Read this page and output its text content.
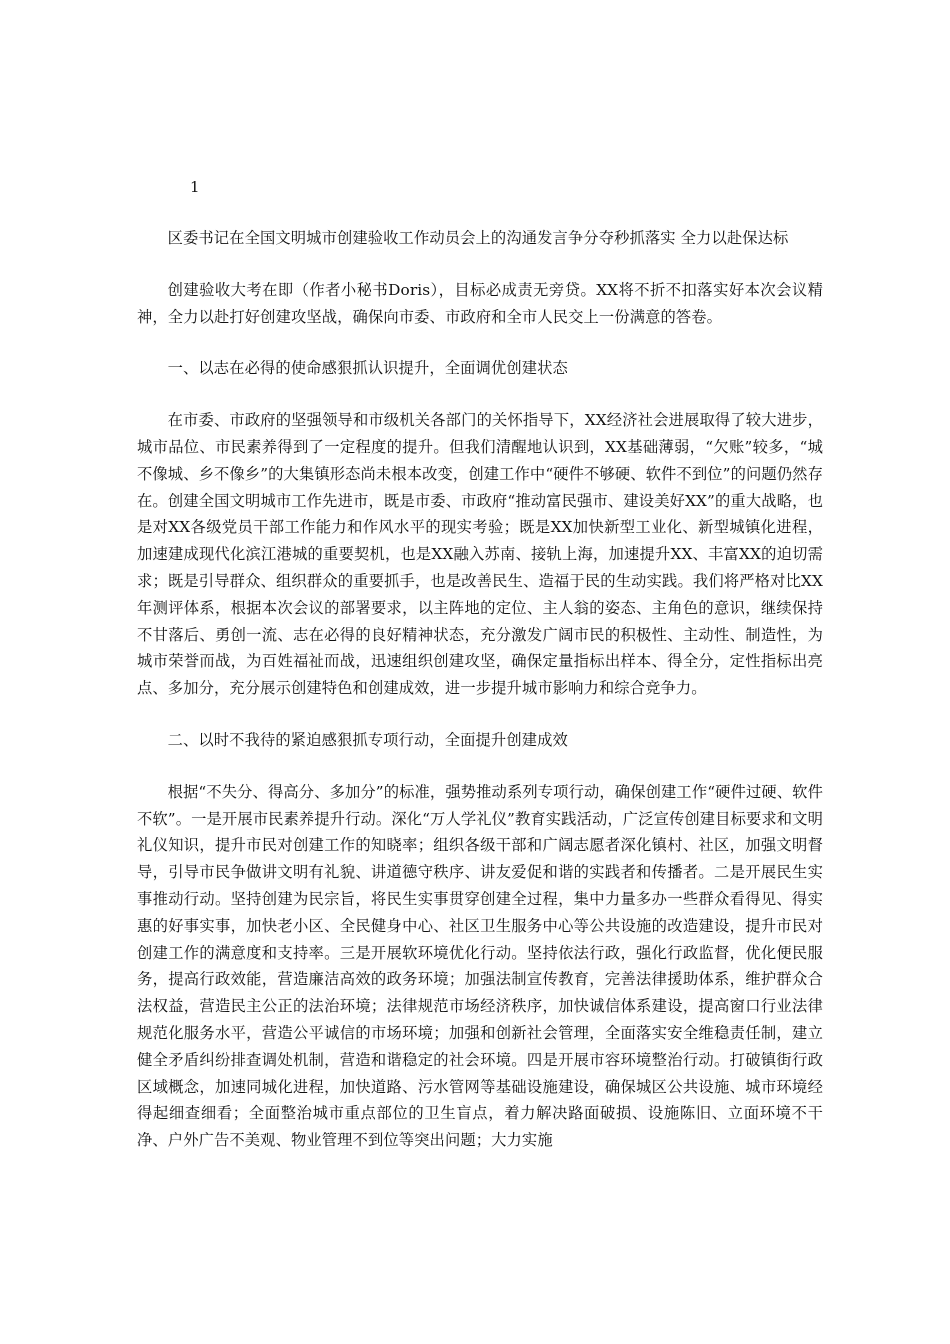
1

区委书记在全国文明城市创建验收工作动员会上的沟通发言争分夺秒抓落实 全力以赴保达标

创建验收大考在即（作者小秘书Doris），目标必成责无旁贷。XX将不折不扣落实好本次会议精神，全力以赴打好创建攻坚战，确保向市委、市政府和全市人民交上一份满意的答卷。

一、以志在必得的使命感狠抓认识提升，全面调优创建状态

在市委、市政府的坚强领导和市级机关各部门的关怀指导下，XX经济社会进展取得了较大进步，城市品位、市民素养得到了一定程度的提升。但我们清醒地认识到，XX基础薄弱，“欠账”较多，“城不像城、乡不像乡”的大集镇形态尚未根本改变，创建工作中“硬件不够硬、软件不到位”的问题仍然存在。创建全国文明城市工作先进市，既是市委、市政府“推动富民强市、建设美好XX”的重大战略，也是对XX各级党员干部工作能力和作风水平的现实考验；既是XX加快新型工业化、新型城镇化进程，加速建成现代化滨江港城的重要契机，也是XX融入苏南、接轨上海，加速提升XX、丰富XX的迫切需求；既是引导群众、组织群众的重要抓手，也是改善民生、造福于民的生动实践。我们将严格对比XX年测评体系，根据本次会议的部署要求，以主阵地的定位、主人翁的姿态、主角色的意识，继续保持不甘落后、勇创一流、志在必得的良好精神状态，充分激发广阔市民的积极性、主动性、制造性，为城市荣誉而战，为百姓福祉而战，迅速组织创建攻坚，确保定量指标出样本、得全分，定性指标出亮点、多加分，充分展示创建特色和创建成效，进一步提升城市影响力和综合竞争力。

二、以时不我待的紧迫感狠抓专项行动，全面提升创建成效

根据“不失分、得高分、多加分”的标准，强势推动系列专项行动，确保创建工作“硬件过硬、软件不软”。一是开展市民素养提升行动。深化“万人学礼仪”教育实践活动，广泛宣传创建目标要求和文明礼仪知识，提升市民对创建工作的知晓率；组织各级干部和广阔志愿者深化镇村、社区，加强文明督导，引导市民争做讲文明有礼貌、讲道德守秩序、讲友爱促和谐的实践者和传播者。二是开展民生实事推动行动。坚持创建为民宗旨，将民生实事贯穿创建全过程，集中力量多办一些群众看得见、得实惠的好事实事，加快老小区、全民健身中心、社区卫生服务中心等公共设施的改造建设，提升市民对创建工作的满意度和支持率。三是开展软环境优化行动。坚持依法行政，强化行政监督，优化便民服务，提高行政效能，营造廉洁高效的政务环境；加强法制宣传教育，完善法律援助体系，维护群众合法权益，营造民主公正的法治环境；法律规范市场经济秩序，加快诚信体系建设，提高窗口行业法律规范化服务水平，营造公平诚信的市场环境；加强和创新社会管理，全面落实安全维稳责任制，建立健全矛盾纠纷排查调处机制，营造和谐稳定的社会环境。四是开展市容环境整治行动。打破镇街行政区域概念，加速同城化进程，加快道路、污水管网等基础设施建设，确保城区公共设施、城市环境经得起细查细看；全面整治城市重点部位的卫生盲点，着力解决路面破损、设施陈旧、立面环境不干净、户外广告不美观、物业管理不到位等突出问题；大力实施
